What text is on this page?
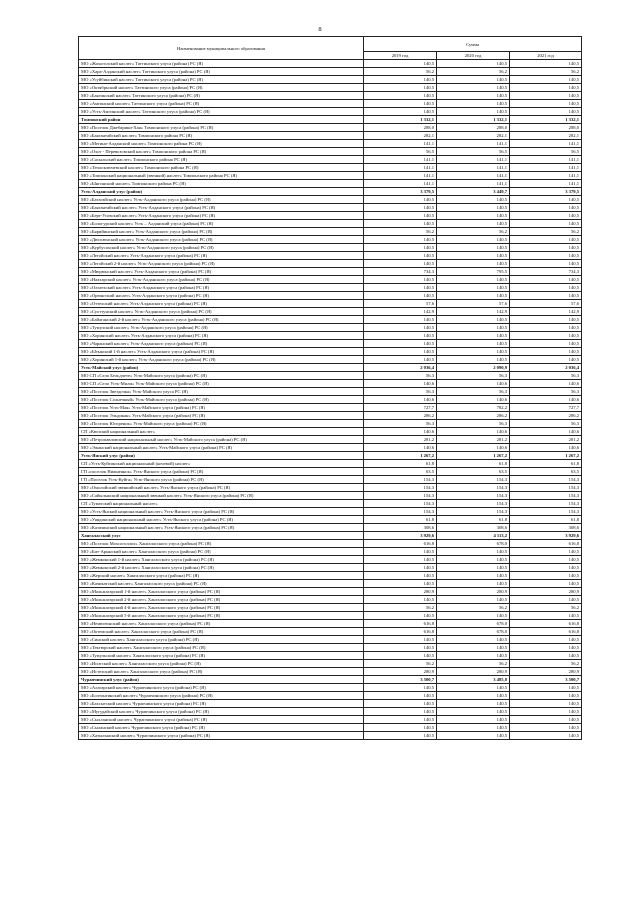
8
Наименование муниципального образования	Сумма		
	2019 год	2020 год	2021 год
МО «Жохоголский наслег» Таттинского улуса (района) РС (Я)	140,5	140,5	140,5
МО «Хара-Алданский наслег» Таттинского улуса (района) РС (Я)	56,2	56,2	56,2
МО «Усуйбинский наслег» Таттинского улуса (района) РС (Я)	140,5	140,5	140,5
МО «Октябрьский наслег» Таттинского улуса (района) РС (Я)	140,5	140,5	140,5
МО «Баягинский наслег» Таттинского улуса (района) РС (Я)	140,5	140,5	140,5
МО «Амгинский наслег» Таттинского улуса (района) РС (Я)	140,5	140,5	140,5
МО «Усть-Амгинский наслег» Таттинского улуса (района) РС (Я)	140,5	140,5	140,5
Томпонский район	1 332,1	1 332,1	1 332,1
МО «Поселок Джебарики-Хая» Томпонского улуса (района) РС (Я)	288,0	288,0	288,0
МО «Баягантайский наслег» Томпонского района РС (Я)	282,1	282,1	282,1
МО «Мегино-Алданский наслег» Томпонского района РС (Я)	141,1	141,1	141,1
МО «Охот - Перевозовский наслег» Томпонского района РС (Я)	56,5	56,5	56,5
МО «Сасыльский наслег» Томпонского района РС (Я)	141,1	141,1	141,1
МО «Теплоключевский наслег» Томпонского района РС (Я)	141,1	141,1	141,1
МО «Томпонский национальный (эвенкий) наслег» Томпонского района РС (Я)	141,1	141,1	141,1
МО «Ынгинский наслег» Томпонского района РС (Я)	141,1	141,1	141,1
Усть-Алданский улус (район)	3 379,5	3 449,7	3 379,5
МО «Батагайский наслег» Усть-Алданского улуса (района) РС (Я)	140,5	140,5	140,5
МО «Баягантайский наслег» Усть-Алданского улуса (района) РС (Я)	140,5	140,5	140,5
МО «Берт-Усовский наслег» Усть-Алданского улуса (района) РС (Я)	140,5	140,5	140,5
МО «Бологурский наслег» Усть – Алданский улуса (района) РС (Я)	140,5	140,5	140,5
МО «Бярийинский наслег» Усть-Алданского улуса (района) РС (Я)	56,2	56,2	56,2
МО «Дюпсюнский наслег» Усть-Алданского улуса (района) РС (Я)	140,5	140,5	140,5
МО «Курбусахский наслег» Усть-Алданского улуса (района) РС (Я)	140,5	140,5	140,5
МО «Легойский наслег» Усть-Алданского улуса (района) РС (Я)	140,5	140,5	140,5
МО «Легойский 2-й наслег» Усть-Алданского улуса (района) РС (Я)	140,5	140,5	140,5
МО «Мюрюнский наслег» Усть-Алданского улуса (района) РС (Я)	734,3	795,5	734,3
МО «Наахарский наслег» Усть-Алданского улуса (района) РС (Я)	140,5	140,5	140,5
МО «Ольтехский наслег» Усть-Алданского улуса (района) РС (Я)	140,5	140,5	140,5
МО «Орюнгский наслег» Усть-Алданского улуса (района) РС (Я)	140,5	140,5	140,5
МО «Оттехский наслег» Усть-Алданского улуса (района) РС (Я)	57,6	57,6	57,6
МО «Суоттунский наслег» Усть-Алданского улуса (района) РС (Я)	142,9	142,9	142,9
МО «Байаганский 2-й наслег» Усть-Алданского улуса (района) РС (Я)	140,5	140,5	140,5
МО «Тумулский наслег» Усть-Алданского улуса (района) РС (Я)	140,5	140,5	140,5
МО «Хоринский наслег» Усть-Алданского улуса (района) РС (Я)	140,5	140,5	140,5
МО «Чаранский наслег» Усть-Алданского улуса (района) РС (Я)	140,5	140,5	140,5
МО «Ытыкский 1-й наслег» Усть-Алданского улуса (района) РС (Я)	140,5	140,5	140,5
МО «Хоринский 1-й наслег» Усть-Алданского улуса (района) РС (Я)	140,5	140,5	140,5
Усть-Майский улус (район)	2 036,4	2 090,9	2 036,4
МО СП «Село Бельдчете» Усть-Майского улуса (района) РС (Я)	56,3	56,3	56,3
МО СП «Село Усть-Мили» Усть-Майского улуса (района) РС (Я)	140,6	140,6	140,6
МО «Поселок Звездочка» Усть-Майского улуса РС (Я)	56,3	56,3	56,3
МО «Поселок Солнечный» Усть-Майского улуса (района) РС (Я)	140,6	140,6	140,6
МО «Поселок Усть-Мая» Усть-Майского улуса (района) РС (Я)	727,7	782,2	727,7
МО «Поселок Эльдикан» Усть-Майского улуса (района) РС (Я)	286,2	286,2	286,2
МО «Поселок Югоренок» Усть-Майского улуса (района) РС (Я)	56,3	56,3	56,3
СП «Кюпский национальный наслег»	140,6	140,6	140,6
МО «Петропавловский национальный наслег» Усть-Майского улуса (района) РС (Я)	281,2	281,2	281,2
МО «Эжанский национальный наслег» Усть-Майского улуса (района) РС (Я)	140,6	140,6	140,6
Усть-Янский улус (район)	1 267,2	1 267,2	1 267,2
СП «Усть-Куйгинский национальный (кочевой) наслег»	61,8	61,8	61,8
ГП «поселок Нижнеянск» Усть-Янского улуса (района) РС (Я)	63,5	63,5	63,5
ГП «Поселок Усть-Куйга» Усть-Янского улуса (района) РС (Я)	154,3	154,3	154,3
МО «Омолойский эвенкийский наслег» Усть-Янского улуса (района) РС (Я)	154,3	154,3	154,3
МО «Сайылыкский национальный эвенкий наслег» Усть-Янского улуса (района) РС (Я)	154,3	154,3	154,3
СП «Туматский национальный наслег»	154,3	154,3	154,3
МО «Усть-Янский национальный наслег» Усть-Янского улуса (района) РС (Я)	154,3	154,3	154,3
МО «Уяндинский национальный наслег» Усть-Янского улуса (района) РС (Я)	61,8	61,8	61,8
МО «Казачинский национальный наслег» Усть-Янского улуса (района) РС (Я)	308,6	308,6	308,6
Хангаласский улус	3 929,6	4 113,2	3 929,6
МО «Поселок Мохсоголлох» Хангаласского улуса (района) РС (Я)	616,8	678,0	616,8
МО «Бит-Арынский наслег» Хангаласского улуса (района) РС (Я)	140,5	140,5	140,5
МО «Жемконский 1-й наслег» Хангаласского улуса (района) РС (Я)	140,5	140,5	140,5
МО «Жемконский 2-й наслег» Хангаласского улуса (района) РС (Я)	140,5	140,5	140,5
МО «Жерский наслег» Хангаласского улуса (района) РС (Я)	140,5	140,5	140,5
МО «Качикатский наслег» Хангаласского улуса (района) РС (Я)	140,5	140,5	140,5
МО «Мальжагарский 1-й наслег» Хангаласского улуса (района) РС (Я)	280,9	280,9	280,9
МО «Мальжагарский 2-й наслег» Хангаласского улуса (района) РС (Я)	140,5	140,5	140,5
МО «Мальжагарский 4-й наслег» Хангаласского улуса (района) РС (Я)	56,2	56,2	56,2
МО «Мальжагарский 5-й наслег» Хангаласского улуса (района) РС (Я)	140,5	140,5	140,5
МО «Немюгюнский наслег» Хангаласского улуса (района) РС (Я)	616,8	678,0	616,8
МО «Октемский наслег» Хангаласского улуса (района) РС (Я)	616,8	678,0	616,8
МО «Синский наслег» Хангаласского улуса (района) РС (Я)	140,5	140,5	140,5
МО «Тектюрский наслег» Хангаласского улуса (района) РС (Я)	140,5	140,5	140,5
МО «Тумульский наслег» Хангаласского улуса (района) РС (Я)	140,5	140,5	140,5
МО «Иситский наслег» Хангаласского улуса (района) РС (Я)	56,2	56,2	56,2
МО «Истехский наслег» Хангаласского улуса (района) РС (Я)	280,9	280,9	280,9
Чурапчинский улус (район)	3 500,7	3 485,8	3 500,7
МО «Алагарский наслег» Чурапчинского улуса (района) РС (Я)	140,5	140,5	140,5
МО «Болтонгинский наслег» Чурапчинского улуса (района) РС (Я)	140,5	140,5	140,5
МО «Бахсытский наслег» Чурапчинского улуса (района) РС (Я)	140,5	140,5	140,5
МО «Мугудайский наслег» Чурапчинского улуса (района) РС (Я)	140,5	140,5	140,5
МО «Сылланский наслег» Чурапчинского улуса (района) РС (Я)	140,5	140,5	140,5
МО «Сыланский наслег» Чурапчинского улуса (района) РС (Я)	140,5	140,5	140,5
МО «Хатылынский наслег» Чурапчинского улуса (района) РС (Я)	140,5	140,5	140,5
